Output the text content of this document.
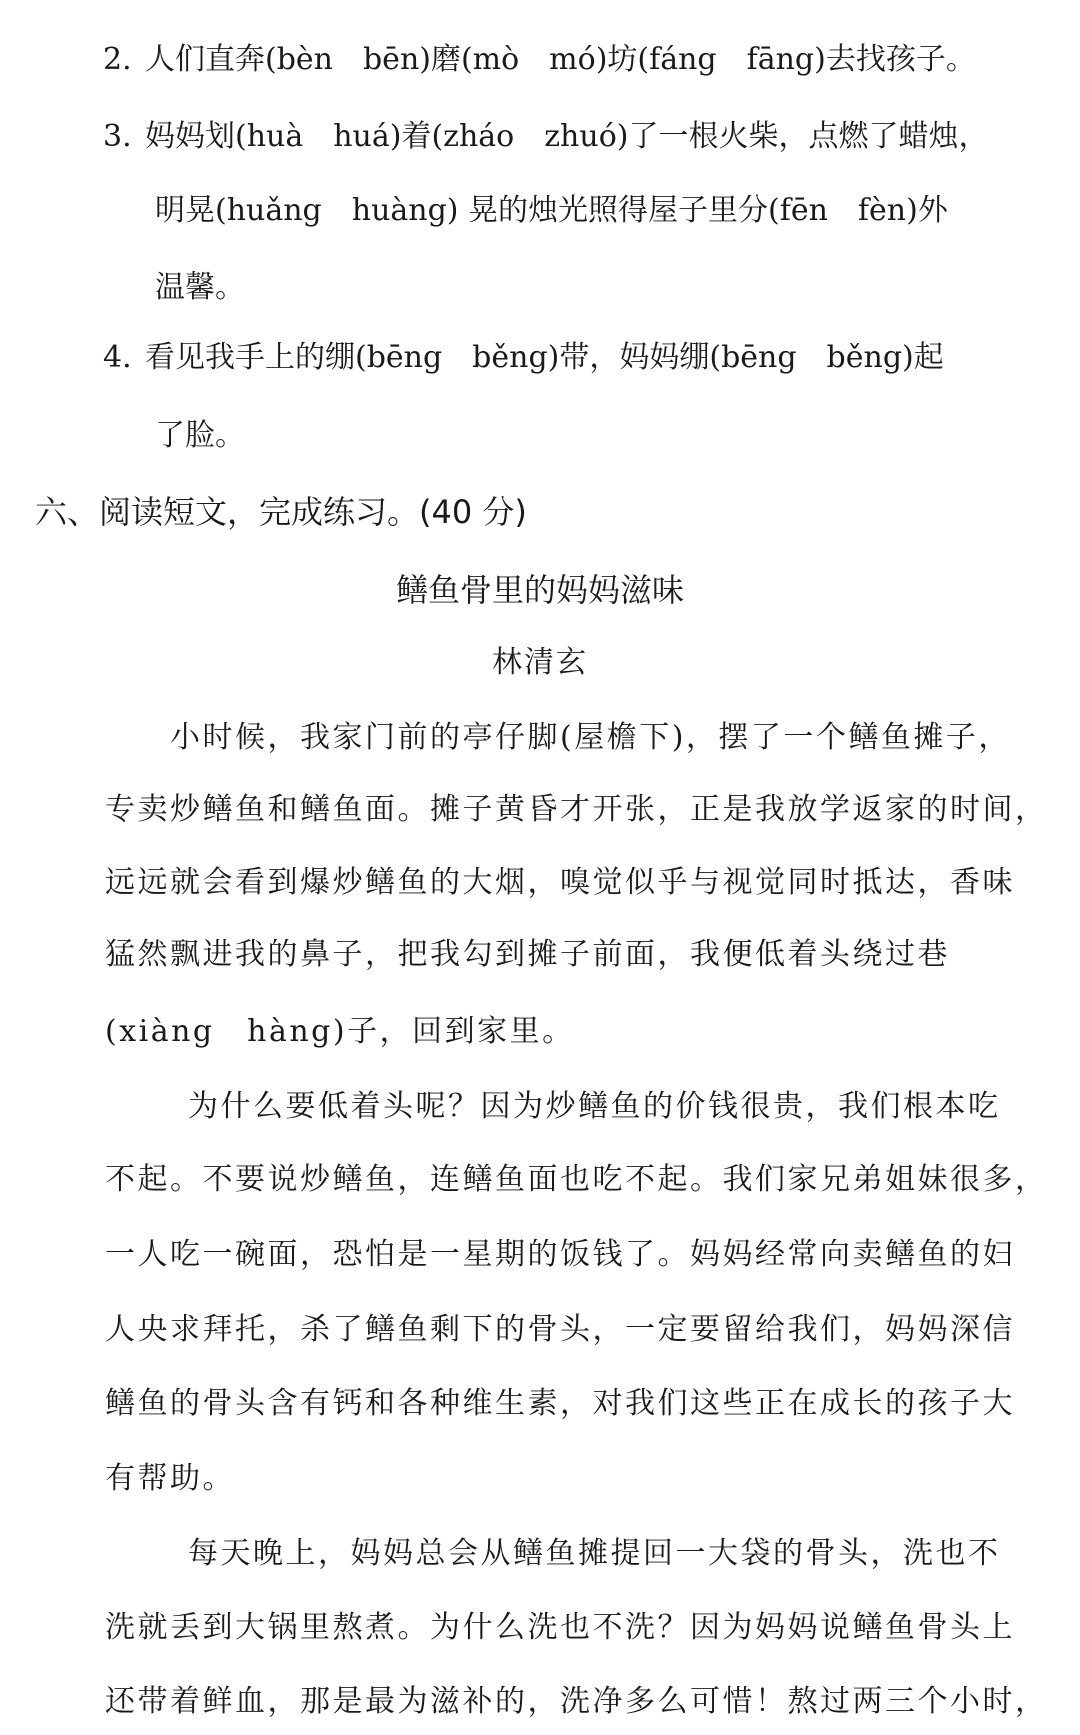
2. 人们直奔(bèn　bēn)磨(mò　mó)坊(fáng　fāng)去找孩子。
3. 妈妈划(huà　huá)着(zháo　zhuó)了一根火柴，点燃了蜡烛，
明晃(huǎng　huàng) 晃的烛光照得屋子里分(fēn　fèn)外
温馨。
4. 看见我手上的绷(bēng　běng)带，妈妈绷(bēng　běng)起
了脸。
六、阅读短文，完成练习。(40 分)
鳝鱼骨里的妈妈滋味
林清玄
小时候，我家门前的亭仔脚(屋檐下)，摆了一个鳝鱼摊子，
专卖炒鳝鱼和鳝鱼面。摊子黄昏才开张，正是我放学返家的时间，
远远就会看到爆炒鳝鱼的大烟，嗅觉似乎与视觉同时抵达，香味
猛然飘进我的鼻子，把我勾到摊子前面，我便低着头绕过巷
(xiàng　hàng)子，回到家里。
为什么要低着头呢？因为炒鳝鱼的价钱很贵，我们根本吃
不起。不要说炒鳝鱼，连鳝鱼面也吃不起。我们家兄弟姐妹很多，
一人吃一碗面，恐怕是一星期的饭钱了。妈妈经常向卖鳝鱼的妇
人央求拜托，杀了鳝鱼剩下的骨头，一定要留给我们，妈妈深信
鳝鱼的骨头含有钙和各种维生素，对我们这些正在成长的孩子大
有帮助。
每天晚上，妈妈总会从鳝鱼摊提回一大袋的骨头，洗也不
洗就丢到大锅里熬煮。为什么洗也不洗？因为妈妈说鳝鱼骨头上
还带着鲜血，那是最为滋补的，洗净多么可惜！熬过两三个小时，
